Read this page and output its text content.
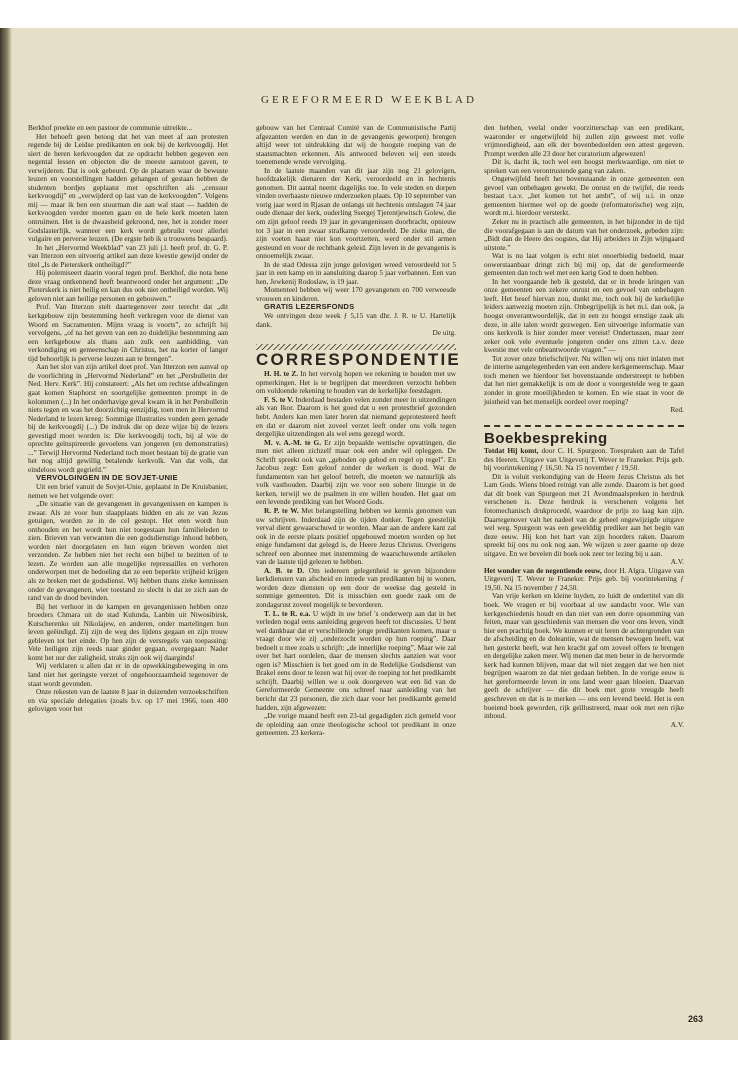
GEREFORMEERD WEEKBLAD

Berkhof preekte en een pastoor de communie uitreikte...

Het behoeft geen betoog dat het van meet af aan protesten regende bij de Leidse predikanten en ook bij de kerkvoogdij. Het siert de heren kerkvoogden dat ze opdracht hebben gegeven een negental lessen en objecten die de meeste aanstoot gaven, te verwijderen. Dat is ook gebeurd. Op de plaatsen waar de bewuste leuzen en voorstellingen hadden gehangen of gestaan hebben de studenten bordjes geplaatst met opschriften als „censuur kerkvoogdij” en „verwijderd op last van de kerkvoogden”. Volgens mij — maar ik ben een stuurman die aan wal staat — hadden de kerkvoogden verder moeten gaan en de hele kerk moeten laten ontruimen. Het is de dwaasheid gekroond, nee, het is zonder meer Godslasterlijk, wanneer een kerk wordt gebruikt voor allerlei vulgaire en perverse leuzen. (De ergste heb ik u trouwens bespaard).

In het „Hervormd Weekblad” van 23 juli j.l. heeft prof. dr. G. P. van Itterzon een uitvoerig artikel aan deze kwestie gewijd onder de titel „Is de Pieterskerk ontheiligd?”

Hij polemiseert daarin vooral tegen prof. Berkhof, die nota bene deze vraag ontkennend heeft beantwoord onder het argument: „De Pieterskerk is niet heilig en kan dus ook niet ontheiligd worden. Wij geloven niet aan heilige personen en gebouwen.”

Prof. Van Itterzon stelt daartegenover zeer terecht dat „dit kerkgebouw zijn bestemming heeft verkregen voor de dienst van Woord en Sacramenten. Mijns vraag is voorts”, zo schrijft hij vervolgens, „of na het geven van een zo duidelijke bestemming aan een kerkgebouw als thans aan zulk een aanbidding, van verkondiging en gemeenschap in Christus, het na korter of langer tijd behoorlijk is perverse leuzen aan te brengen”.

Aan het slot van zijn artikel doet prof. Van Itterzon een aanval op de voorlichting in „Hervormd Nederland” en het „Persbulletin der Ned. Herv. Kerk”. Hij constateert: „Als het om rechtse afdwalingen gaat komen Staphorst en soortgelijke gemeenten prompt in de kolommen (...) In het onderhavige geval kwam ik in het Persbulletin niets tegen en was het doorzichtig eenzijdig, toen men in Hervormd Nederland te lezen kreeg: Sommige illustraties vonden geen genade bij de kerkvoogdij (...) De indruk die op deze wijze bij de lezers gevestigd moet worden is: Die kerkvoogdij toch, bij al wie de oprechte geïnspireerde gevoelens van jongeren (en demonstraties) ...” Terwijl Hervormd Nederland toch moet bestaan bij de gratie van het nog altijd gewillig betalende kerkvolk. Van dat volk, dat eindeloos wordt gegriefd.”

VERVOLGINGEN IN DE SOVJET-UNIE

Uit een brief vanuit de Sovjet-Unie, geplaatst in De Kruisbanier, nemen we het volgende over:

„De situatie van de gevangenen in gevangenissen en kampen is zwaar. Als ze voor hun slaapplaats bidden en als ze van Jezus getuigen, worden ze in de cel gestopt. Het eten wordt hun onthouden en het wordt hun niet toegestaan hun familieleden te zien. Brieven van verwanten die een godsdienstige inhoud hebben, worden niet doorgelaten en hun eigen brieven worden niet verzonden. Ze hebben niet het recht een bijbel te bezitten of te lezen. Ze worden aan alle mogelijke repressailles en verhoren onderworpen met de bedoeling dat ze een beperkte vrijheid krijgen als ze breken met de godsdienst. Wij hebben thans zieke kennissen onder de gevangenen, wier toestand zo slecht is dat ze zich aan de rand van de dood bevinden.

Bij het verhoor in de kampen en gevangenissen hebben onze broeders Chmara uit de stad Kulunda, Lanbin uit Niwosibirsk, Kutscherenko uit Nikolajew, en anderen, onder martelingen hun leven geëindigd. Zij zijn de weg des lijdens gegaan en zijn trouw gebleven tot het einde. Op hen zijn de versregels van toepassing: Vele heiligen zijn reeds naar ginder gegaan, overgegaan: Nader komt het uur der zaligheid, straks zijn ook wij daarginds!

Wij verklaren u allen dat er in de opwekkingsbeweging in ons land niet het geringste verzet of ongehoorzaamheid tegenover de staat wordt gevonden.

Onze rekesten van de laatste 8 jaar in duizenden verzoekschriften en via speciale delegaties (zoals b.v. op 17 mei 1966, toen 400 gelovigen voor het

gebouw van het Centraal Comité van de Communistische Partij afgezanten werden en dan in de gevangenis geworpen) brengen altijd weer tot uitdrukking dat wij de hoogste roeping van de staatsmachten erkennen. Als antwoord beleven wij een steeds toenemende wrede vervolging.

In de laatste maanden van dit jaar zijn nog 21 gelovigen, hoofdzakelijk dienaren der Kerk, veroordeeld en in hechtenis genomen. Dit aantal neemt dagelijks toe. In vele steden en dorpen vinden overhaaste nieuwe onderzoeken plaats. Op 10 september van vorig jaar werd in Rjasan de onlangs uit hechtenis ontslagen 74 jaar oude dienaar der kerk, ouderling Ssergej Tjerentjewitsch Golew, die om zijn geloof reeds 19 jaar in gevangenissen doorbracht, opnieuw tot 3 jaar in een zwaar strafkamp veroordeeld. De zieke man, die zijn voeten haast niet kon voortzetten, werd onder stil armen gesteund en voor de rechtbank geleid. Zijn leven in de gevangenis is onnoemelijk zwaar.

In de stad Odessa zijn jonge gelovigen wreed veroordeeld tot 5 jaar in een kamp en in aansluiting daarop 5 jaar verbannen. Een van hen, Jewkenij Rodoslaw, is 19 jaar.

Momenteel hebben wij weer 170 gevangenen en 700 verweesde vrouwen en kinderen.

GRATIS LEZERSFONDS

We ontvingen deze week ƒ 5,15 van dhr. J. R. te U. Hartelijk dank.

De uitg.

CORRESPONDENTIE

H. H. te Z. In het vervolg hopen we rekening te houden met uw opmerkingen. Het is te begrijpen dat meerderen verzocht hebben om voldoende rekening te houden van de kerkelijke feestdagen.

F. S. te V. Inderdaad bestaden velen zonder meer in uitzendingen als van Ikor. Daarom is het goed dat u een protestbrief gezonden hebt. Anders kan men later horen dat niemand geprotesteerd heeft en dat er daarom niet zoveel verzet leeft onder ons volk tegen dergelijke uitzendingen als wel eens gezegd wordt.

M. v. A.-M. te G. Er zijn bepaalde wettische opvattingen, die men niet alleen zichzelf maar ook een ander wil opleggen. De Schrift spreekt ook van „geboden op gebod en regel op regel”. En Jacobus zegt: Een geloof zonder de werken is dood. Wat de fundamenten van het geloof betreft, die moeten we natuurlijk als volk vasthouden. Daarbij zijn we voor een sobere liturgie in de kerken, terwijl we de psalmen in ere willen houden. Het gaat om een levende prediking van het Woord Gods.

R. P. te W. Met belangstelling hebben we kennis genomen van uw schrijven. Inderdaad zijn de tijden donker. Tegen geestelijk verval dient gewaarschuwd te worden. Maar aan de andere kant zal ook in de eerste plaats positief opgebouwd moeten worden op het enige fundament dat gelegd is, de Heere Jezus Christus. Overigens schreef een abonnee met instemming de waarschuwende artikelen van de laatste tijd gelezen te hebben.

A. B. te D. Om iedereen gelegenheid te geven bijzondere kerkdiensten van afscheid en intrede van predikanten bij te wonen, worden deze diensten op een door de weekse dag gesteld in sommige gemeenten. Dit is misschien een goede zaak om de zondagsrust zoveel mogelijk te bevorderen.

T. L. te R. e.a. U wijdt in uw brief 's onderwerp aan dat in het verleden nogal eens aanleiding gegeven heeft tot discussies. U bent wel dankbaar dat er verschillende jonge predikanten komen, maar u vraagt door wie zij „onderzocht worden op hun roeping”. Daar bedoelt u mee zoals u schrijft: „de innerlijke roeping”. Maar wie zal over het hart oordelen, daar de mensen slechts aanzien wat voor ogen is? Misschien is het goed om in de Redelijke Godsdienst van Brakel eens door te lezen wat hij over de roeping tot het predikambt schrijft. Daarbij willen we u ook doorgeven wat een lid van de Gereformeerde Gemeente ons schreef naar aanleiding van het bericht dat 23 personen, die zich daar voor het predikambt gemeld hadden, zijn afgewezen:

„De vorige maand heeft een 23-tal gegadigden zich gemeld voor de opleiding aan onze theologische school tot predikant in onze gemeenten. 23 kerkera-

den hebben, veelal onder voorzitterschap van een predikant, waaronder er ongetwijfeld bij zullen zijn geweest met volle vrijmoedigheid, aan elk der bovenbedoelden een attest gegeven. Prompt werden alle 23 door het curatorium afgewezen!

Dit is, dacht ik, toch wel een hoogst merkwaardige, om niet te spreken van een verontrustende gang van zaken.

Ongetwijfeld heeft het bovenstaande in onze gemeenten een gevoel van onbehagen gewekt. De onrust en de twijfel, die reeds bestaat t.a.v. „het komen tot het ambt”, of wij u.i. in onze gemeenten hiermee wel op de goede (reformatorische) weg zijn, wordt m.i. hierdoor versterkt.

Zeker nu in practisch alle gemeenten, in het bijzonder in de tijd die voorafgegaan is aan de datum van het onderzoek, gebeden zijn: „Bidt dan de Heere des oogstes, dat Hij arbeiders in Zijn wijngaard uitstote.”

Wat is nu laat volgen is echt niet onoerbiedig bedoeld, maar oowerstaanbaar dringt zich bij mij op, dat de gereformeerde gemeenten dan toch wel met een karig God te doen hebben.

In het voorgaande heb ik gesteld, dat er in brede kringen van onze gemeenten een zekere onrust en een gevoel van onbehagen leeft. Het besef hiervan zou, dunkt me, toch ook bij de kerkelijke leiders aanwezig moeten zijn. Onbegrijpelijk is het m.i. dan ook, ja hoogst onverantwoordelijk, dat in een zo hoogst ernstige zaak als deze, in alle talen wordt gezwegen. Een uitvoerige informatie van ons kerkvolk is hier zonder meer vereist! Ondertussen, maar zeer zeker ook vele eventuele jongeren onder ons zitten t.a.v. deze kwestie met vele onbeantwoorde vragen.” —

Tot zover onze briefschrijver. Nu willen wij ons niet inlaten met de interne aangelegenheden van een andere kerkgemeenschap. Maar toch menen we hierdoor het bovenstaande onderstreept te hebben dat het niet gemakkelijk is om de door u voorgestelde weg te gaan zonder in grote moeilijkheden te komen. En wie staat in voor de juistheid van het menselijk oordeel over roeping?

Red.

Boekbespreking

Totdat Hij komt, door C. H. Spurgeon. Toespraken aan de Tafel des Heeren. Uitgave van Uitgeverij T. Wever te Franeker. Prijs geb. bij voorintekening ƒ 16,50. Na 15 november ƒ 19,50.

Dit is voluit verkondiging van de Heere Jezus Christus als het Lam Gods. Wiens bloed reinigt van alle zonde. Daarom is het goed dat dit boek van Spurgeon met 21 Avondmaalspreken in herdruk verschenen is. Deze herdruk is verschenen volgens het fotomechanisch drukprocedé, waardoor de prijs zo laag kan zijn. Daartegenover valt het nadeel van de geheel ongewijzigde uitgave wel weg. Spurgeon was een gewelddig prediker aan het begin van deze eeuw. Hij kon het hart van zijn hoorders raken. Daarom spreekt hij ons nu ook nog aan. We wijzen u zeer gaarne op deze uitgave. En we bevelen dit boek ook zeer ter lezing bij u aan.

A.V.

Het wonder van de negentiende eeuw, door H. Algra. Uitgave van Uitgeverij T. Wever te Franeker. Prijs geb. bij voorintekening ƒ 19,50. Na 15 november ƒ 24,50.

Van vrije kerken en kleine luyden, zo luidt de ondertitel van dit boek. We vragen er bij voorbaat al uw aandacht voor. Wie van kerkgeschiedenis houdt en dan niet van een dorre opsomming van feiten, maar van geschiedenis van mensen die voor ons leven, vindt hier een prachtig boek. We kunnen er uit leren de achtergronden van de afscheiding en de doleantie, wat de mensen bewogen heeft, wat hen gesterkt heeft, wat hen kracht gaf om zoveel offers te brengen en dergelijke zaken meer. Wij menen dat men beter in de hervormde kerk had kunnen blijven, maar dat wil niet zeggen dat we hen niet begrijpen waarom ze dat niet gedaan hebben. In de vorige eeuw is het gereformeerde leven in ons land weer gaan bloeien. Daarvan geeft de schrijver — die dit boek met grote vreugde heeft geschreven en dat is te merken — ons een levend beeld. Het is een boeiend boek geworden, rijk geïllustreerd, maar ook met een rijke inhoud.

A.V.

263
